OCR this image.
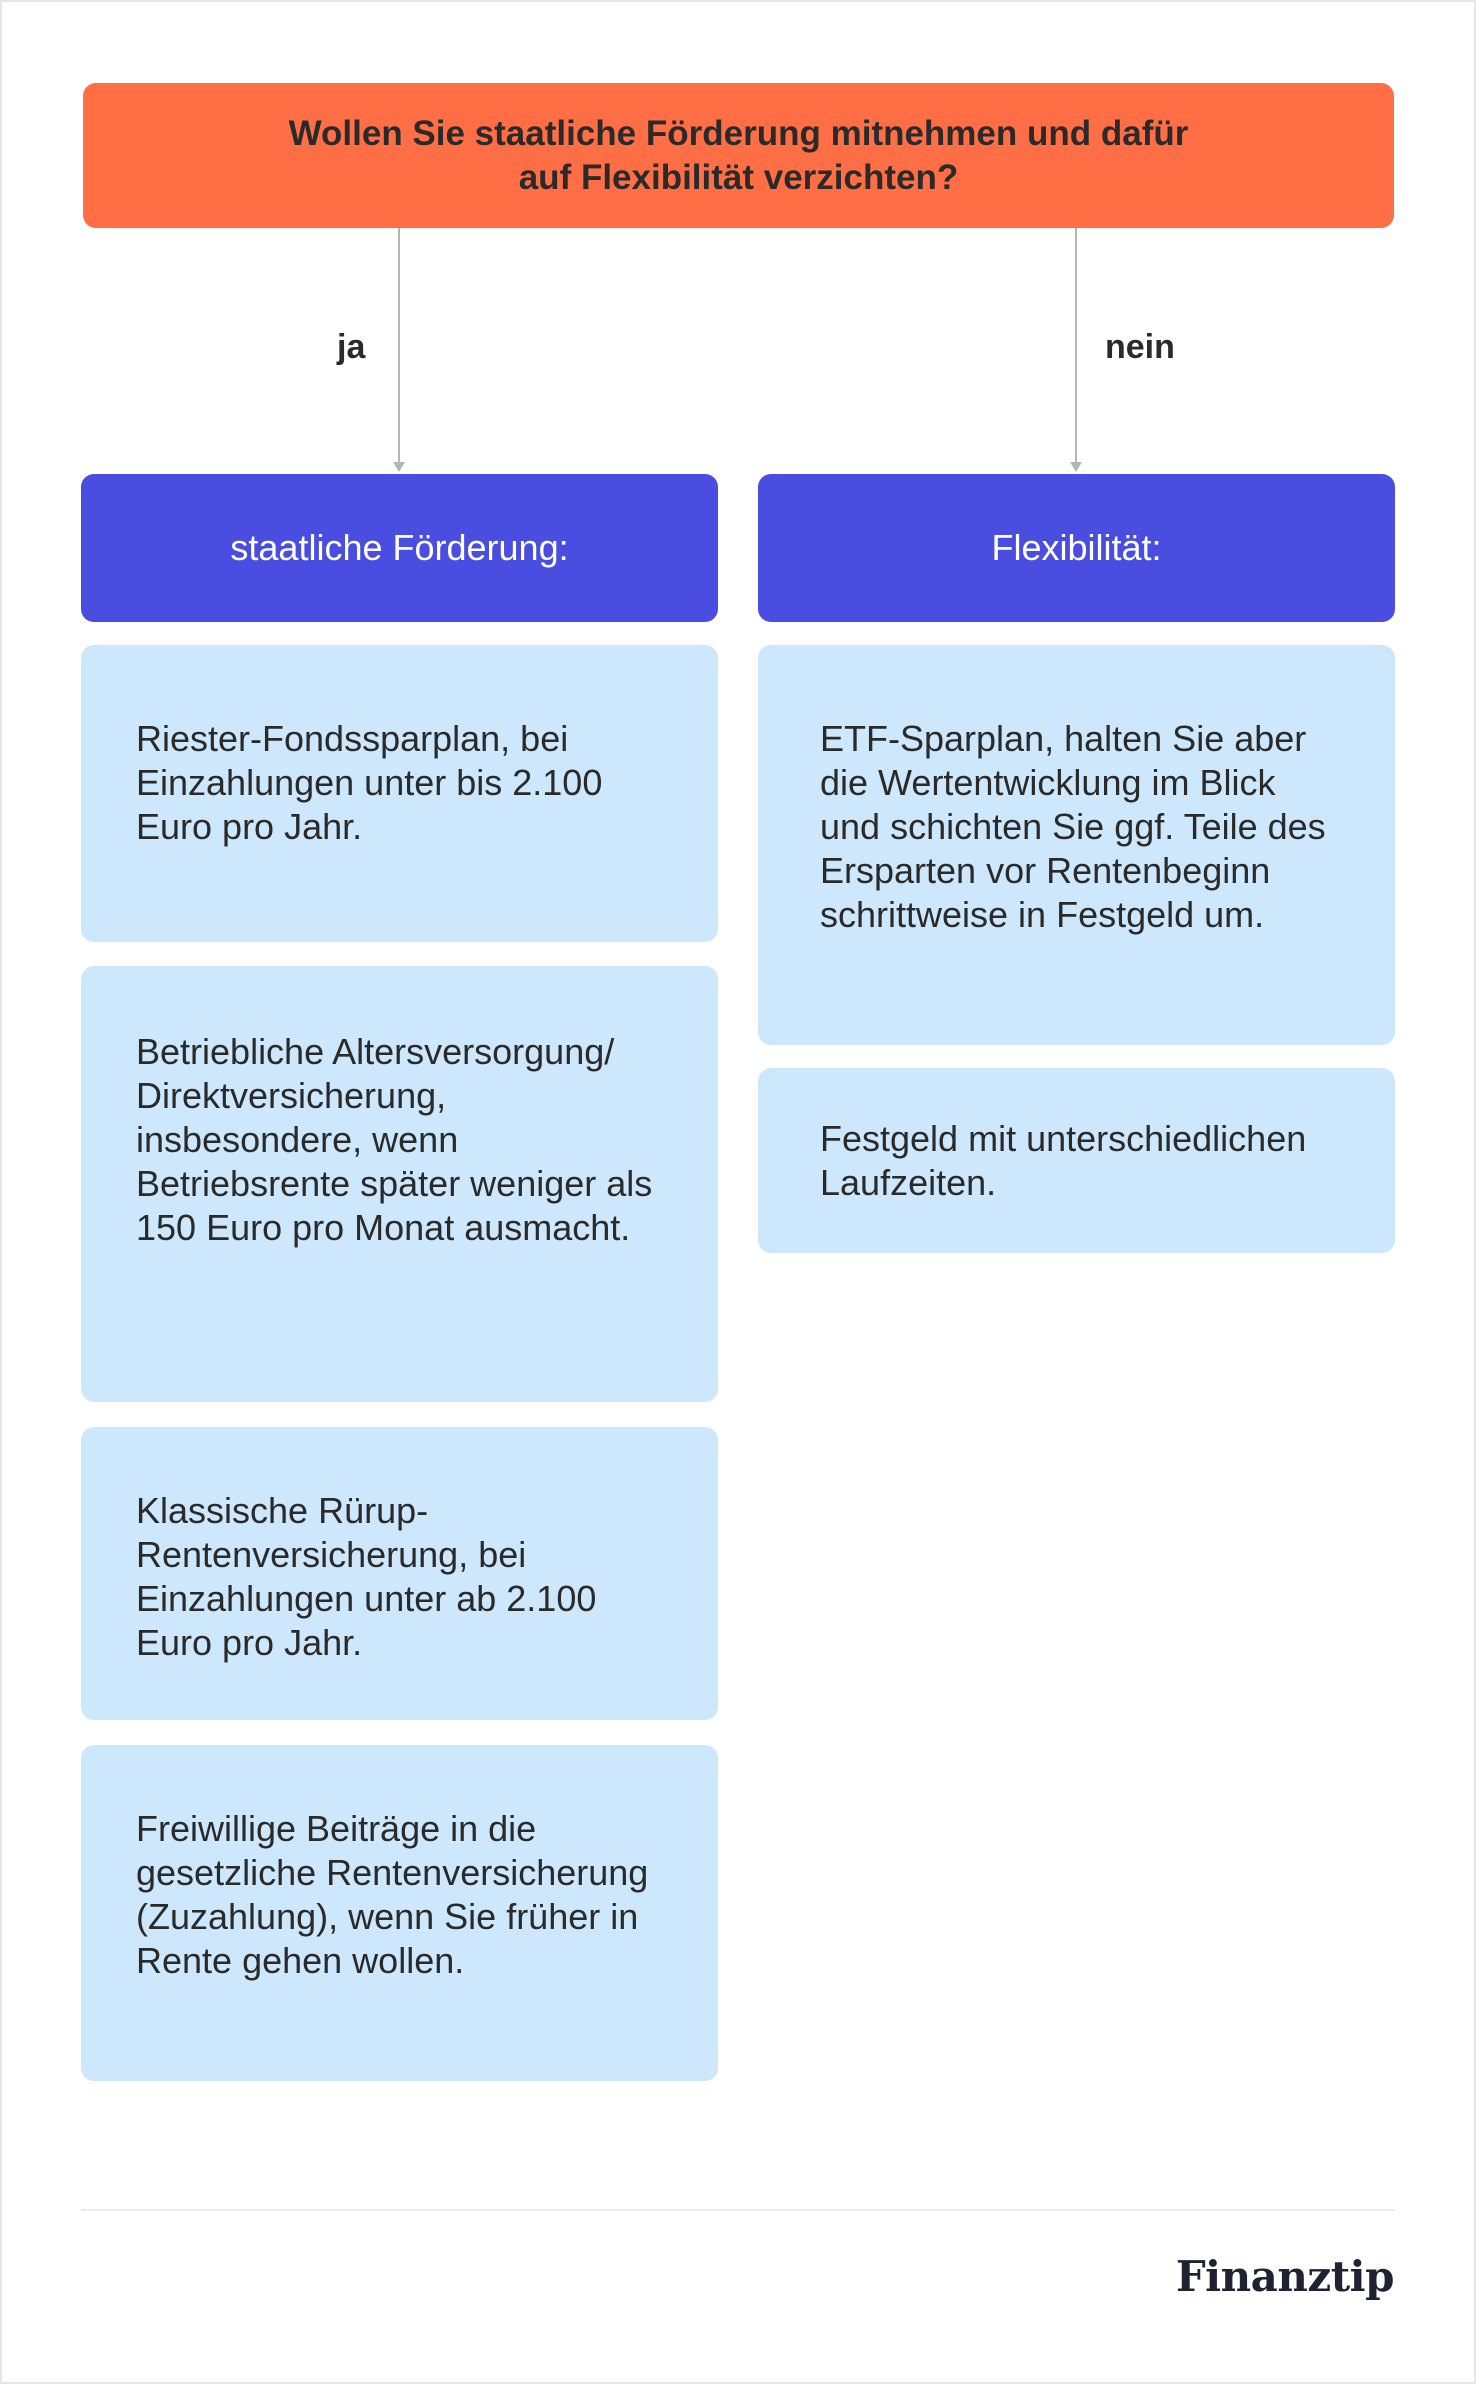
Wollen Sie staatliche Förderung mitnehmen und dafür auf Flexibilität verzichten?
ja	nein
staatliche Förderung:
Riester-Fondssparplan, bei Einzahlungen unter bis 2.100 Euro pro Jahr.
Betriebliche Altersversorgung/ Direktversicherung, insbesondere, wenn Betriebsrente später weniger als 150 Euro pro Monat ausmacht.
Klassische Rürup-Rentenversicherung, bei Einzahlungen unter ab 2.100 Euro pro Jahr.
Freiwillige Beiträge in die gesetzliche Rentenversicherung (Zuzahlung), wenn Sie früher in Rente gehen wollen.
Flexibilität:
ETF-Sparplan, halten Sie aber die Wertentwicklung im Blick und schichten Sie ggf. Teile des Ersparten vor Rentenbeginn schrittweise in Festgeld um.
Festgeld mit unterschiedlichen Laufzeiten.
Finanztip
